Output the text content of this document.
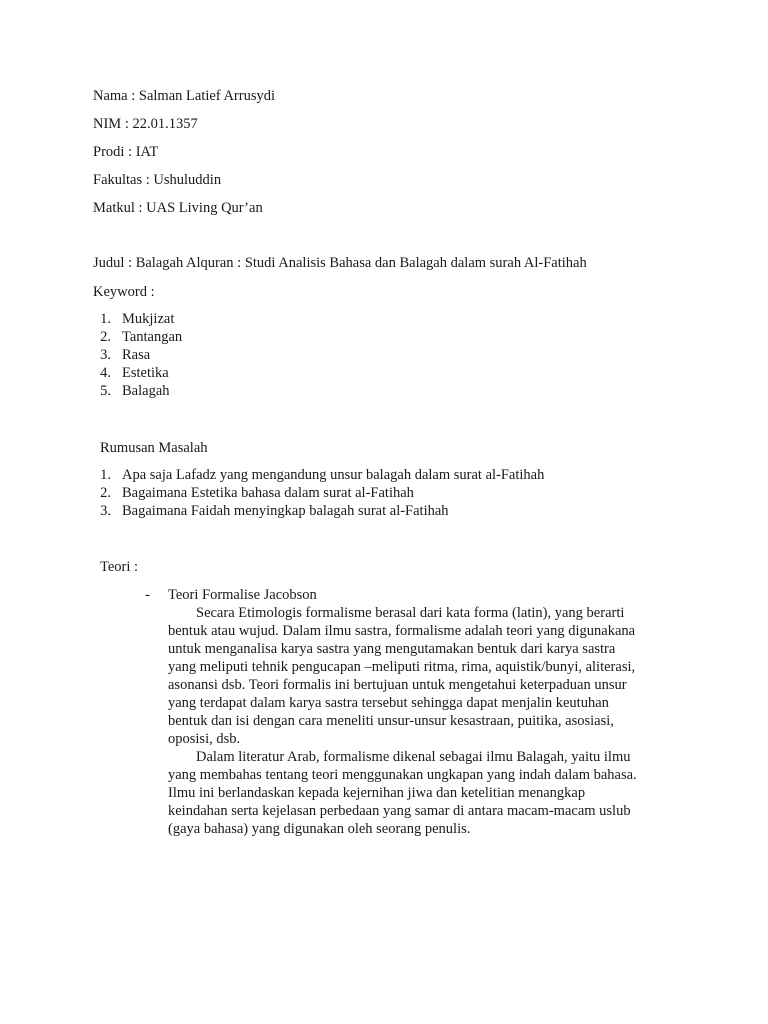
Nama : Salman Latief Arrusydi
NIM : 22.01.1357
Prodi : IAT
Fakultas : Ushuluddin
Matkul : UAS Living Qur’an
Judul : Balagah Alquran : Studi Analisis Bahasa dan Balagah dalam surah Al-Fatihah
Keyword :
1. Mukjizat
2. Tantangan
3. Rasa
4. Estetika
5. Balagah
Rumusan Masalah
1. Apa saja Lafadz yang mengandung unsur balagah dalam surat al-Fatihah
2. Bagaimana Estetika bahasa dalam surat al-Fatihah
3. Bagaimana Faidah menyingkap balagah surat al-Fatihah
Teori :
- Teori Formalise Jacobson
Secara Etimologis formalisme berasal dari kata forma (latin), yang berarti
bentuk atau wujud. Dalam ilmu sastra, formalisme adalah teori yang digunakana
untuk menganalisa karya sastra yang mengutamakan bentuk dari karya sastra
yang meliputi tehnik pengucapan –meliputi ritma, rima, aquistik/bunyi, aliterasi,
asonansi dsb. Teori formalis ini bertujuan untuk mengetahui keterpaduan unsur
yang terdapat dalam karya sastra tersebut sehingga dapat menjalin keutuhan
bentuk dan isi dengan cara meneliti unsur-unsur kesastraan, puitika, asosiasi,
oposisi, dsb.
Dalam literatur Arab, formalisme dikenal sebagai ilmu Balagah, yaitu ilmu
yang membahas tentang teori menggunakan ungkapan yang indah dalam bahasa.
Ilmu ini berlandaskan kepada kejernihan jiwa dan ketelitian menangkap
keindahan serta kejelasan perbedaan yang samar di antara macam-macam uslub
(gaya bahasa) yang digunakan oleh seorang penulis.
